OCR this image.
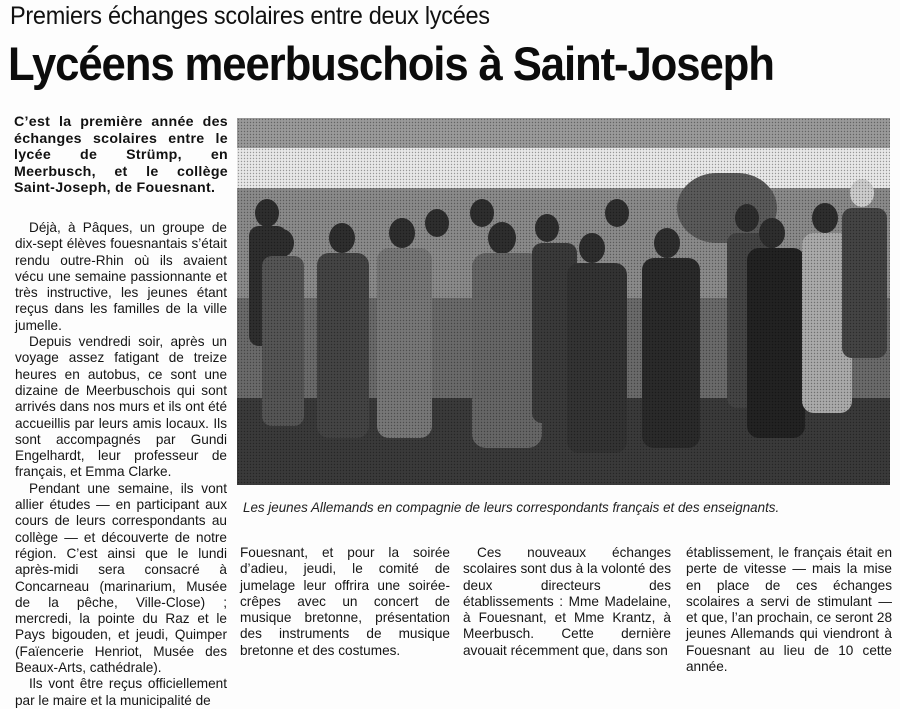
Premiers échanges scolaires entre deux lycées
Lycéens meerbuschois à Saint-Joseph
C’est la première année des échanges scolaires entre le lycée de Strümp, en Meerbusch, et le collège Saint-Joseph, de Fouesnant.

Déjà, à Pâques, un groupe de dix-sept élèves fouesnantais s’était rendu outre-Rhin où ils avaient vécu une semaine passionnante et très instructive, les jeunes étant reçus dans les familles de la ville jumelle.

Depuis vendredi soir, après un voyage assez fatigant de treize heures en autobus, ce sont une dizaine de Meerbuschois qui sont arrivés dans nos murs et ils ont été accueillis par leurs amis locaux. Ils sont accompagnés par Gundi Engelhardt, leur professeur de français, et Emma Clarke.

Pendant une semaine, ils vont allier études — en participant aux cours de leurs correspondants au collège — et découverte de notre région. C’est ainsi que le lundi après-midi sera consacré à Concarneau (marinarium, Musée de la pêche, Ville-Close) ; mercredi, la pointe du Raz et le Pays bigouden, et jeudi, Quimper (Faïencerie Henriot, Musée des Beaux-Arts, cathédrale).

Ils vont être reçus officiellement par le maire et la municipalité de

Les jeunes Allemands en compagnie de leurs correspondants français et des enseignants.

Fouesnant, et pour la soirée d’adieu, jeudi, le comité de jumelage leur offrira une soirée-crêpes avec un concert de musique bretonne, présentation des instruments de musique bretonne et des costumes.

Ces nouveaux échanges scolaires sont dus à la volonté des deux directeurs des établissements : Mme Madelaine, à Fouesnant, et Mme Krantz, à Meerbusch. Cette dernière avouait récemment que, dans son

établissement, le français était en perte de vitesse — mais la mise en place de ces échanges scolaires a servi de stimulant — et que, l’an prochain, ce seront 28 jeunes Allemands qui viendront à Fouesnant au lieu de 10 cette année.
